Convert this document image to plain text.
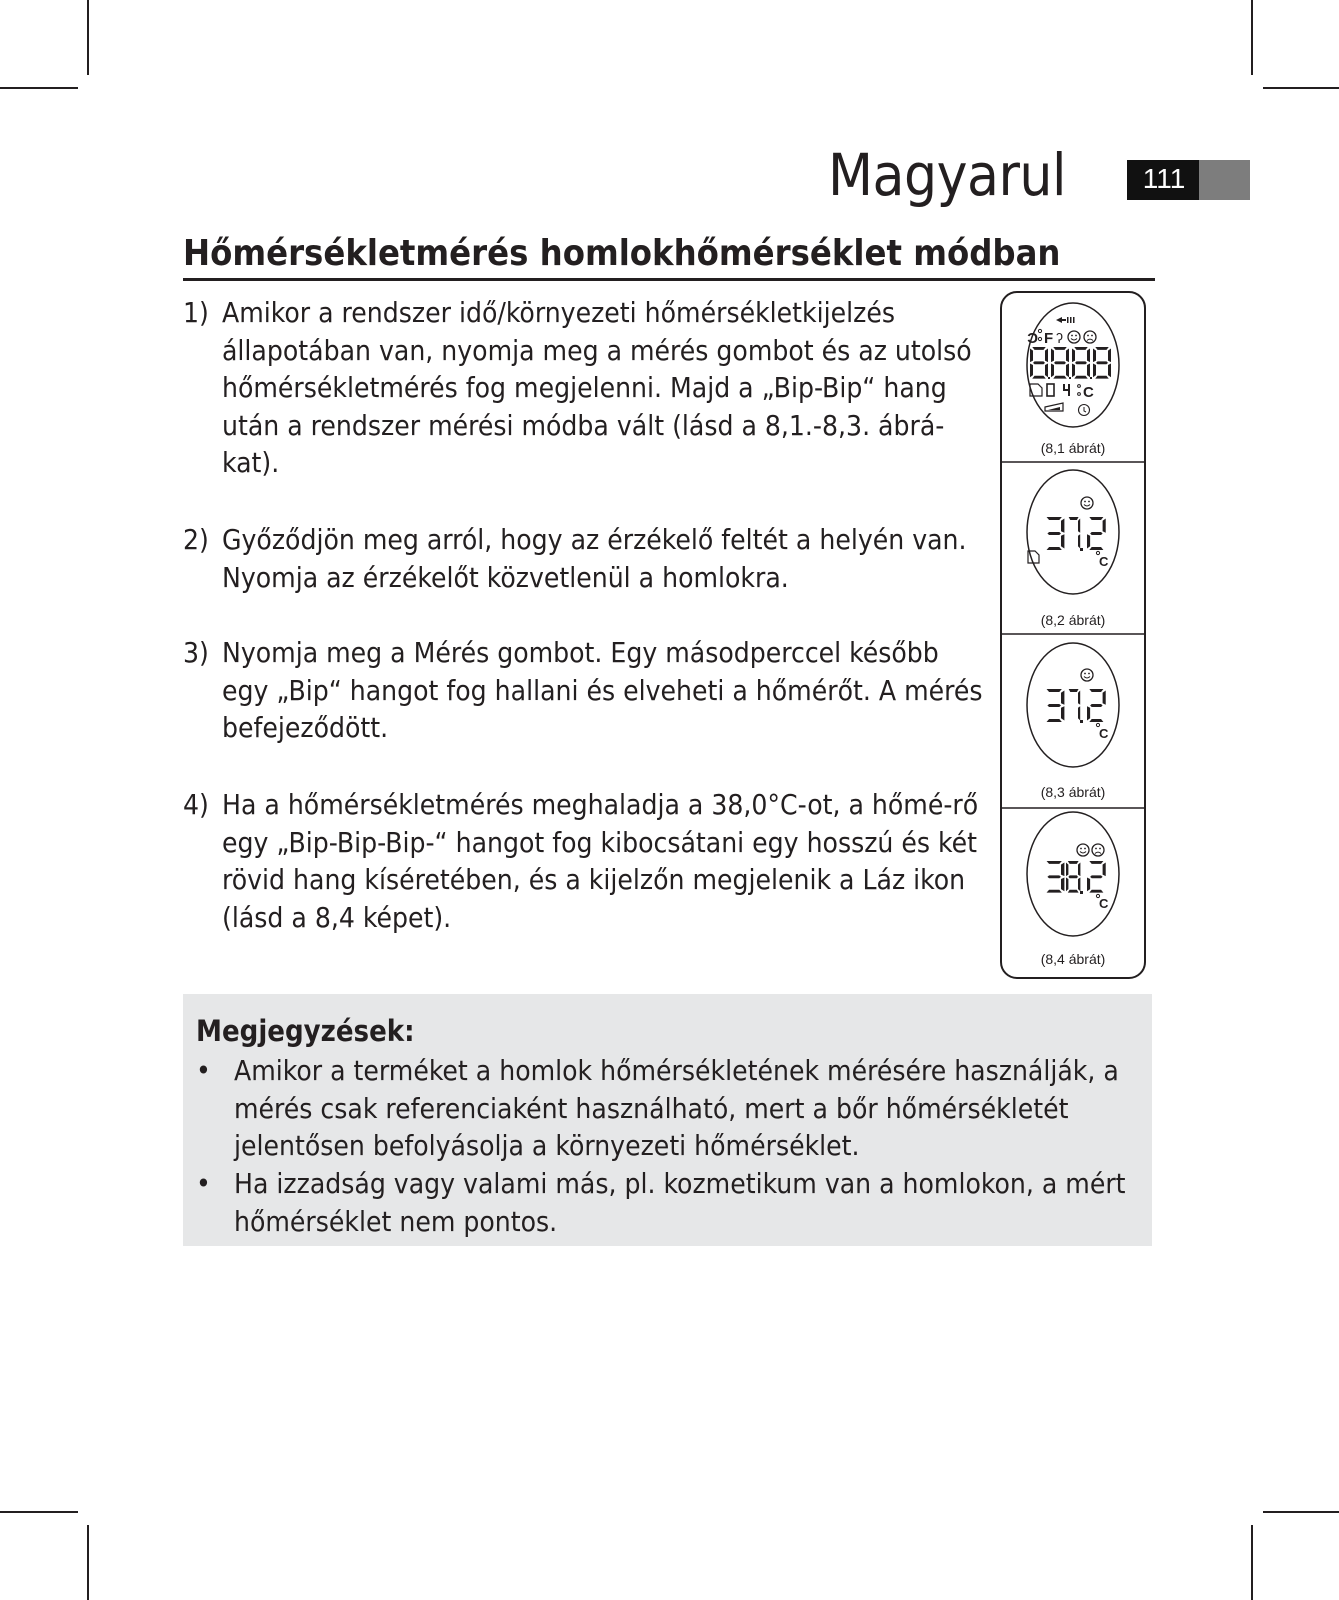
Magyarul	111
Hőmérsékletmérés homlokhőmérséklet módban
1) Amikor a rendszer idő/környezeti hőmérsékletkijelzés állapotában van, nyomja meg a mérés gombot és az utolsó hőmérsékletmérés fog megjelenni. Majd a „Bip-Bip“ hang után a rendszer mérési módba vált (lásd a 8,1.-8,3. ábrá-kat).
2) Győződjön meg arról, hogy az érzékelő feltét a helyén van. Nyomja az érzékelőt közvetlenül a homlokra.
3) Nyomja meg a Mérés gombot. Egy másodperccel később egy „Bip“ hangot fog hallani és elveheti a hőmérőt. A mérés befejeződött.
4) Ha a hőmérsékletmérés meghaladja a 38,0°C-ot, a hőmé-rő egy „Bip-Bip-Bip-“ hangot fog kibocsátani egy hosszú és két rövid hang kíséretében, és a kijelzőn megjelenik a Láz ikon (lásd a 8,4 képet).
C F ʔ
C
(8,1 ábrát)
C
(8,2 ábrát)
C
(8,3 ábrát)
C
(8,4 ábrát)
Megjegyzések:
• Amikor a terméket a homlok hőmérsékletének mérésére használják, a mérés csak referenciaként használható, mert a bőr hőmérsékletét jelentősen befolyásolja a környezeti hőmérséklet.
• Ha izzadság vagy valami más, pl. kozmetikum van a homlokon, a mért hőmérséklet nem pontos.
